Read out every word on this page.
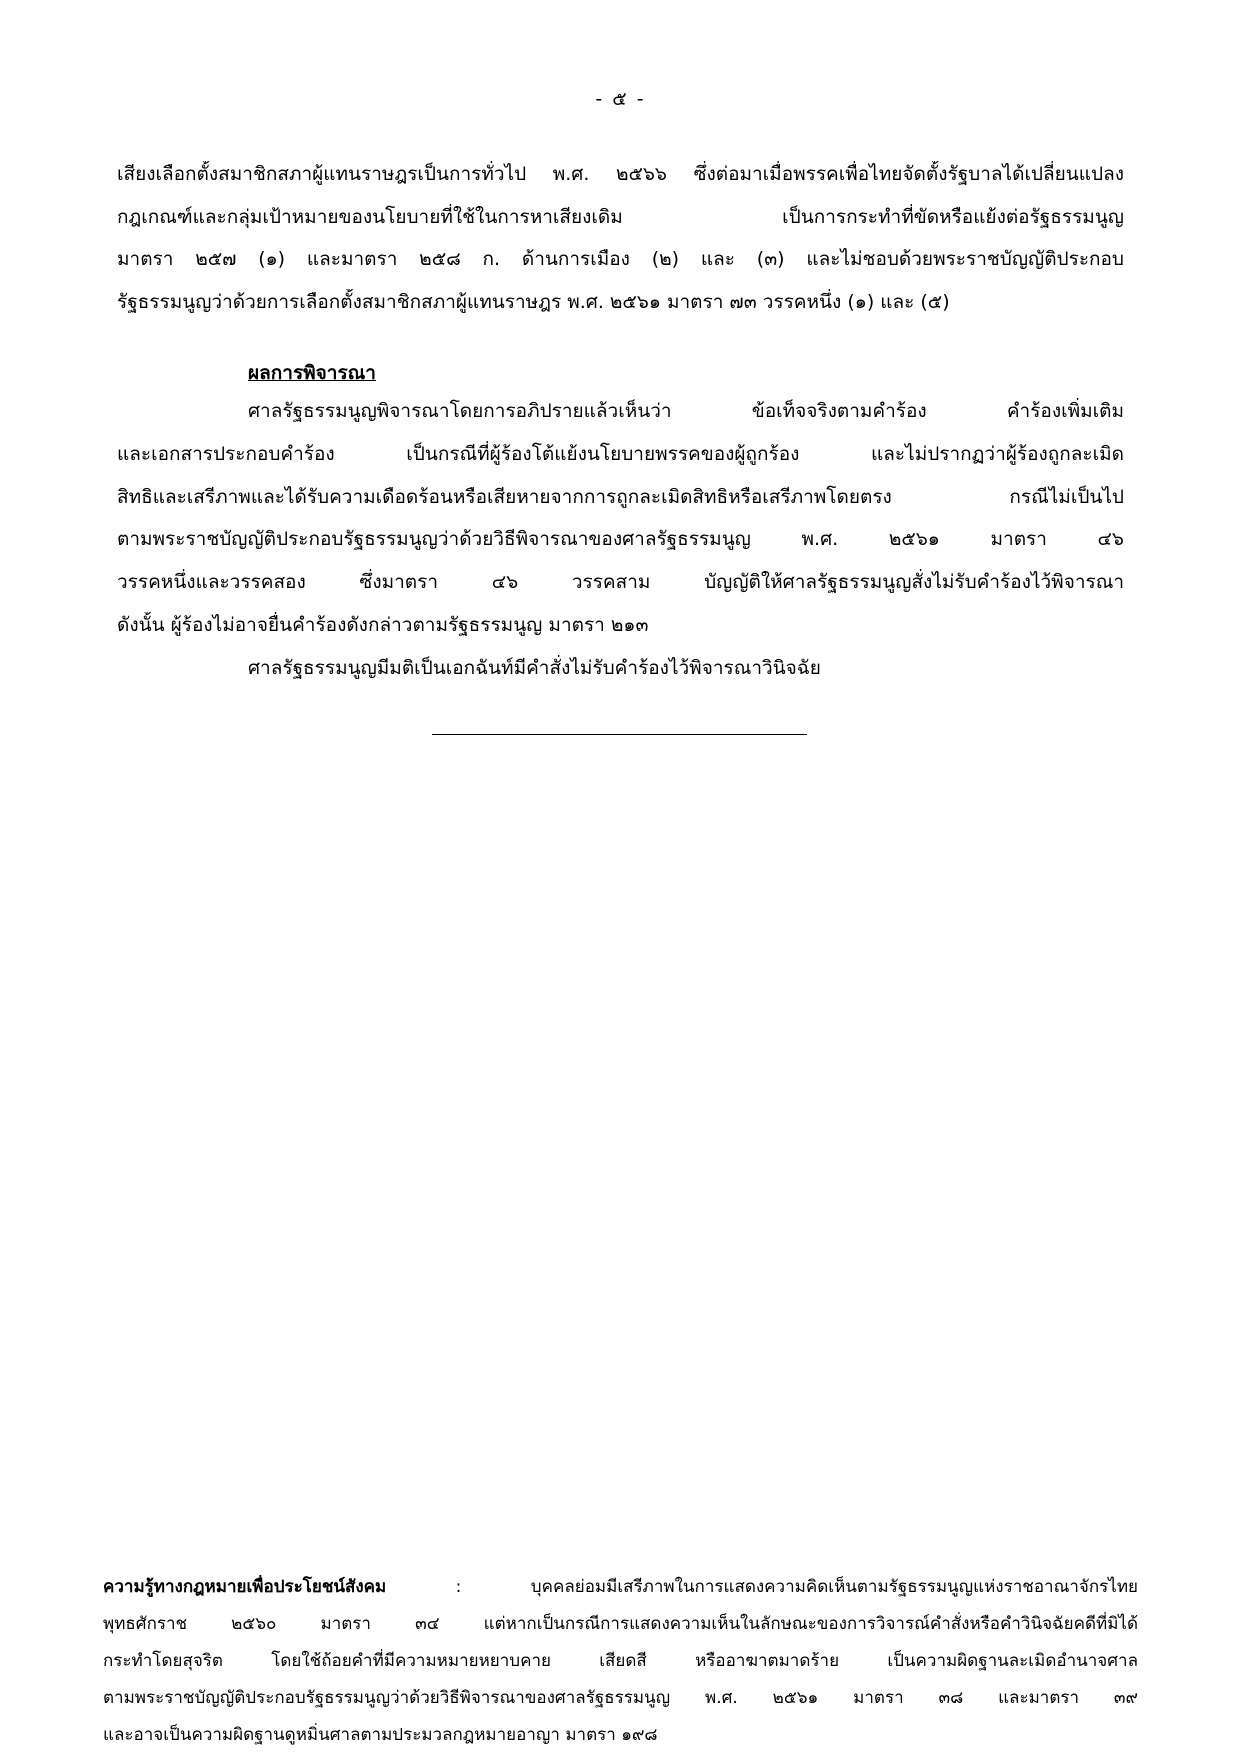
- ๕ -
เสียงเลือกตั้งสมาชิกสภาผู้แทนราษฎรเป็นการทั่วไป พ.ศ. ๒๕๖๖ ซึ่งต่อมาเมื่อพรรคเพื่อไทยจัดตั้งรัฐบาลได้เปลี่ยนแปลง
กฎเกณฑ์และกลุ่มเป้าหมายของนโยบายที่ใช้ในการหาเสียงเดิม เป็นการกระทำที่ขัดหรือแย้งต่อรัฐธรรมนูญ
มาตรา ๒๕๗ (๑) และมาตรา ๒๕๘ ก. ด้านการเมือง (๒) และ (๓) และไม่ชอบด้วยพระราชบัญญัติประกอบ
รัฐธรรมนูญว่าด้วยการเลือกตั้งสมาชิกสภาผู้แทนราษฎร พ.ศ. ๒๕๖๑ มาตรา ๗๓ วรรคหนึ่ง (๑) และ (๕)
ผลการพิจารณา
ศาลรัฐธรรมนูญพิจารณาโดยการอภิปรายแล้วเห็นว่า ข้อเท็จจริงตามคำร้อง คำร้องเพิ่มเติม
และเอกสารประกอบคำร้อง เป็นกรณีที่ผู้ร้องโต้แย้งนโยบายพรรคของผู้ถูกร้อง และไม่ปรากฏว่าผู้ร้องถูกละเมิด
สิทธิและเสรีภาพและได้รับความเดือดร้อนหรือเสียหายจากการถูกละเมิดสิทธิหรือเสรีภาพโดยตรง กรณีไม่เป็นไป
ตามพระราชบัญญัติประกอบรัฐธรรมนูญว่าด้วยวิธีพิจารณาของศาลรัฐธรรมนูญ พ.ศ. ๒๕๖๑ มาตรา ๔๖
วรรคหนึ่งและวรรคสอง ซึ่งมาตรา ๔๖ วรรคสาม บัญญัติให้ศาลรัฐธรรมนูญสั่งไม่รับคำร้องไว้พิจารณา
ดังนั้น ผู้ร้องไม่อาจยื่นคำร้องดังกล่าวตามรัฐธรรมนูญ มาตรา ๒๑๓
ศาลรัฐธรรมนูญมีมติเป็นเอกฉันท์มีคำสั่งไม่รับคำร้องไว้พิจารณาวินิจฉัย
ความรู้ทางกฎหมายเพื่อประโยชน์สังคม : บุคคลย่อมมีเสรีภาพในการแสดงความคิดเห็นตามรัฐธรรมนูญแห่งราชอาณาจักรไทย
พุทธศักราช ๒๕๖๐ มาตรา ๓๔ แต่หากเป็นกรณีการแสดงความเห็นในลักษณะของการวิจารณ์คำสั่งหรือคำวินิจฉัยคดีที่มิได้
กระทำโดยสุจริต โดยใช้ถ้อยคำที่มีความหมายหยาบคาย เสียดสี หรืออาฆาตมาดร้าย เป็นความผิดฐานละเมิดอำนาจศาล
ตามพระราชบัญญัติประกอบรัฐธรรมนูญว่าด้วยวิธีพิจารณาของศาลรัฐธรรมนูญ พ.ศ. ๒๕๖๑ มาตรา ๓๘ และมาตรา ๓๙
และอาจเป็นความผิดฐานดูหมิ่นศาลตามประมวลกฎหมายอาญา มาตรา ๑๙๘
